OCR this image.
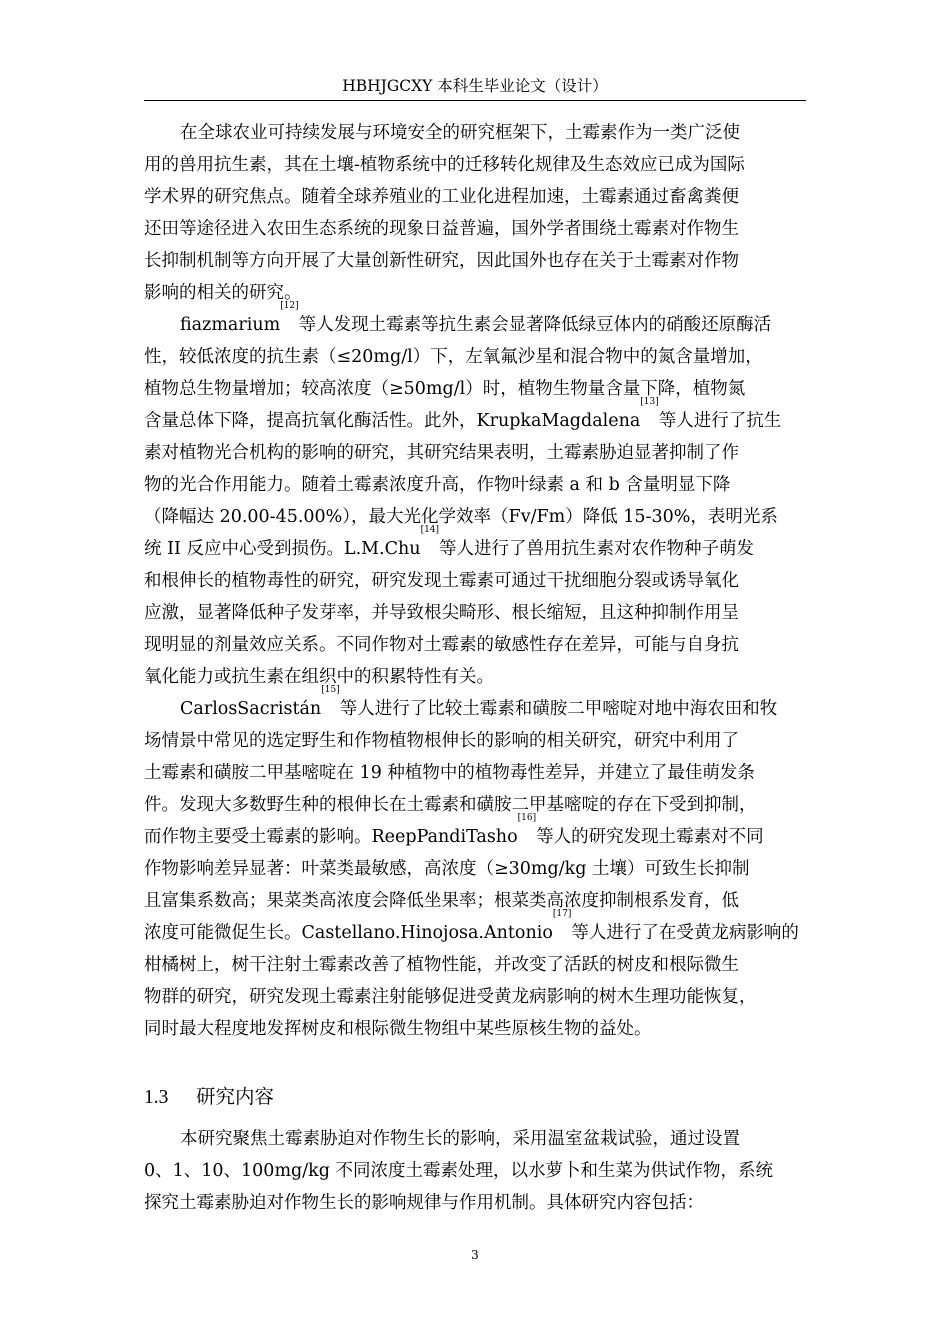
HBHJGCXY 本科生毕业论文（设计）
在全球农业可持续发展与环境安全的研究框架下，土霉素作为一类广泛使
用的兽用抗生素，其在土壤-植物系统中的迁移转化规律及生态效应已成为国际
学术界的研究焦点。随着全球养殖业的工业化进程加速，土霉素通过畜禽粪便
还田等途径进入农田生态系统的现象日益普遍，国外学者围绕土霉素对作物生
长抑制机制等方向开展了大量创新性研究，因此国外也存在关于土霉素对作物
影响的相关的研究。
fiazmarium[12]等人发现土霉素等抗生素会显著降低绿豆体内的硝酸还原酶活
性，较低浓度的抗生素（≤20mg/l）下，左氧氟沙星和混合物中的氮含量增加，
植物总生物量增加；较高浓度（≥50mg/l）时，植物生物量含量下降，植物氮
含量总体下降，提高抗氧化酶活性。此外，KrupkaMagdalena[13]等人进行了抗生
素对植物光合机构的影响的研究，其研究结果表明，土霉素胁迫显著抑制了作
物的光合作用能力。随着土霉素浓度升高，作物叶绿素 a 和 b 含量明显下降
（降幅达 20.00-45.00%），最大光化学效率（Fv/Fm）降低 15-30%，表明光系
统 II 反应中心受到损伤。L.M.Chu[14]等人进行了兽用抗生素对农作物种子萌发
和根伸长的植物毒性的研究，研究发现土霉素可通过干扰细胞分裂或诱导氧化
应激，显著降低种子发芽率，并导致根尖畸形、根长缩短，且这种抑制作用呈
现明显的剂量效应关系。不同作物对土霉素的敏感性存在差异，可能与自身抗
氧化能力或抗生素在组织中的积累特性有关。
CarlosSacristán[15]等人进行了比较土霉素和磺胺二甲嘧啶对地中海农田和牧
场情景中常见的选定野生和作物植物根伸长的影响的相关研究，研究中利用了
土霉素和磺胺二甲基嘧啶在 19 种植物中的植物毒性差异，并建立了最佳萌发条
件。发现大多数野生种的根伸长在土霉素和磺胺二甲基嘧啶的存在下受到抑制，
而作物主要受土霉素的影响。ReepPandiTasho[16]等人的研究发现土霉素对不同
作物影响差异显著：叶菜类最敏感，高浓度（≥30mg/kg 土壤）可致生长抑制
且富集系数高；果菜类高浓度会降低坐果率；根菜类高浓度抑制根系发育，低
浓度可能微促生长。Castellano.Hinojosa.Antonio[17]等人进行了在受黄龙病影响的
柑橘树上，树干注射土霉素改善了植物性能，并改变了活跃的树皮和根际微生
物群的研究，研究发现土霉素注射能够促进受黄龙病影响的树木生理功能恢复，
同时最大程度地发挥树皮和根际微生物组中某些原核生物的益处。
1.3 研究内容
本研究聚焦土霉素胁迫对作物生长的影响，采用温室盆栽试验，通过设置
0、1、10、100mg/kg 不同浓度土霉素处理，以水萝卜和生菜为供试作物，系统
探究土霉素胁迫对作物生长的影响规律与作用机制。具体研究内容包括：
3
